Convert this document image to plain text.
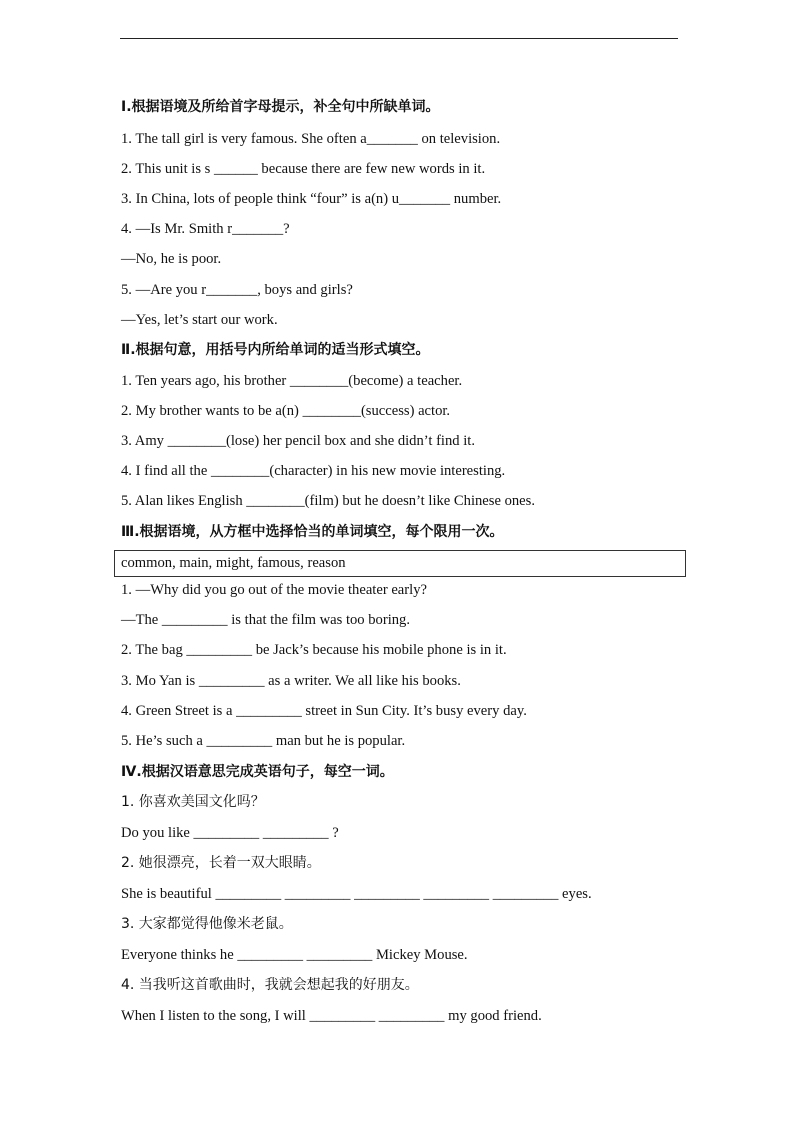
Ⅰ.根据语境及所给首字母提示，补全句中所缺单词。
1. The tall girl is very famous. She often a_______ on television.
2. This unit is s ______ because there are few new words in it.
3. In China, lots of people think “four” is a(n) u_______ number.
4. —Is Mr. Smith r_______?
—No, he is poor.
5. —Are you r_______, boys and girls?
—Yes, let’s start our work.
Ⅱ.根据句意，用括号内所给单词的适当形式填空。
1. Ten years ago, his brother ________(become) a teacher.
2. My brother wants to be a(n) ________(success) actor.
3. Amy ________(lose) her pencil box and she didn’t find it.
4. I find all the ________(character) in his new movie interesting.
5. Alan likes English ________(film) but he doesn’t like Chinese ones.
Ⅲ.根据语境，从方框中选择恰当的单词填空，每个限用一次。
common, main, might, famous, reason
1. —Why did you go out of the movie theater early?
—The _________ is that the film was too boring.
2. The bag _________ be Jack’s because his mobile phone is in it.
3. Mo Yan is _________ as a writer. We all like his books.
4. Green Street is a _________ street in Sun City. It’s busy every day.
5. He’s such a _________ man but he is popular.
Ⅳ.根据汉语意思完成英语句子，每空一词。
1. 你喜欢美国文化吗？
Do you like _________ _________ ?
2. 她很漂亮，长着一双大眼睛。
She is beautiful _________ _________ _________ _________ _________ eyes.
3. 大家都觉得他像米老鼠。
Everyone thinks he _________ _________ Mickey Mouse.
4. 当我听这首歌曲时，我就会想起我的好朋友。
When I listen to the song, I will _________ _________ my good friend.
